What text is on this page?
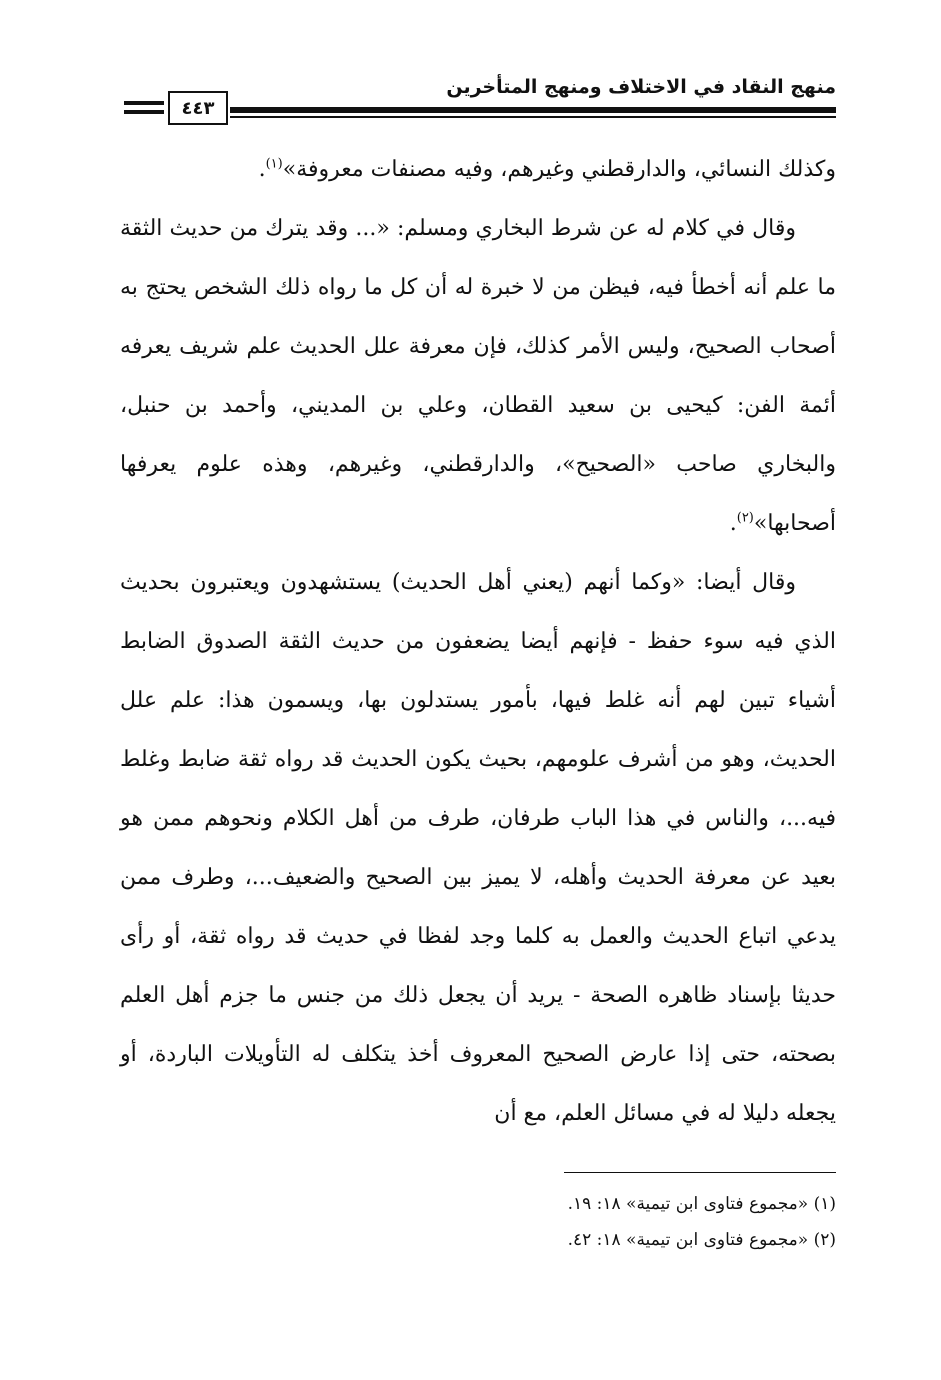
منهج النقاد في الاختلاف ومنهج المتأخرين
٤٤٣

وكذلك النسائي، والدارقطني وغيرهم، وفيه مصنفات معروفة»$^{(١)}$.

وقال في كلام له عن شرط البخاري ومسلم: «... وقد يترك من حديث الثقة ما علم أنه أخطأ فيه، فيظن من لا خبرة له أن كل ما رواه ذلك الشخص يحتج به أصحاب الصحيح، وليس الأمر كذلك، فإن معرفة علل الحديث علم شريف يعرفه أئمة الفن: كيحيى بن سعيد القطان، وعلي بن المديني، وأحمد بن حنبل، والبخاري صاحب «الصحيح»، والدارقطني، وغيرهم، وهذه علوم يعرفها أصحابها»$^{(٢)}$.

وقال أيضا: «وكما أنهم (يعني أهل الحديث) يستشهدون ويعتبرون بحديث الذي فيه سوء حفظ - فإنهم أيضا يضعفون من حديث الثقة الصدوق الضابط أشياء تبين لهم أنه غلط فيها، بأمور يستدلون بها، ويسمون هذا: علم علل الحديث، وهو من أشرف علومهم، بحيث يكون الحديث قد رواه ثقة ضابط وغلط فيه...، والناس في هذا الباب طرفان، طرف من أهل الكلام ونحوهم ممن هو بعيد عن معرفة الحديث وأهله، لا يميز بين الصحيح والضعيف...، وطرف ممن يدعي اتباع الحديث والعمل به كلما وجد لفظا في حديث قد رواه ثقة، أو رأى حديثا بإسناد ظاهره الصحة - يريد أن يجعل ذلك من جنس ما جزم أهل العلم بصحته، حتى إذا عارض الصحيح المعروف أخذ يتكلف له التأويلات الباردة، أو يجعله دليلا له في مسائل العلم، مع أن

(١) «مجموع فتاوى ابن تيمية» ١٨: ١٩.

(٢) «مجموع فتاوى ابن تيمية» ١٨: ٤٢.
